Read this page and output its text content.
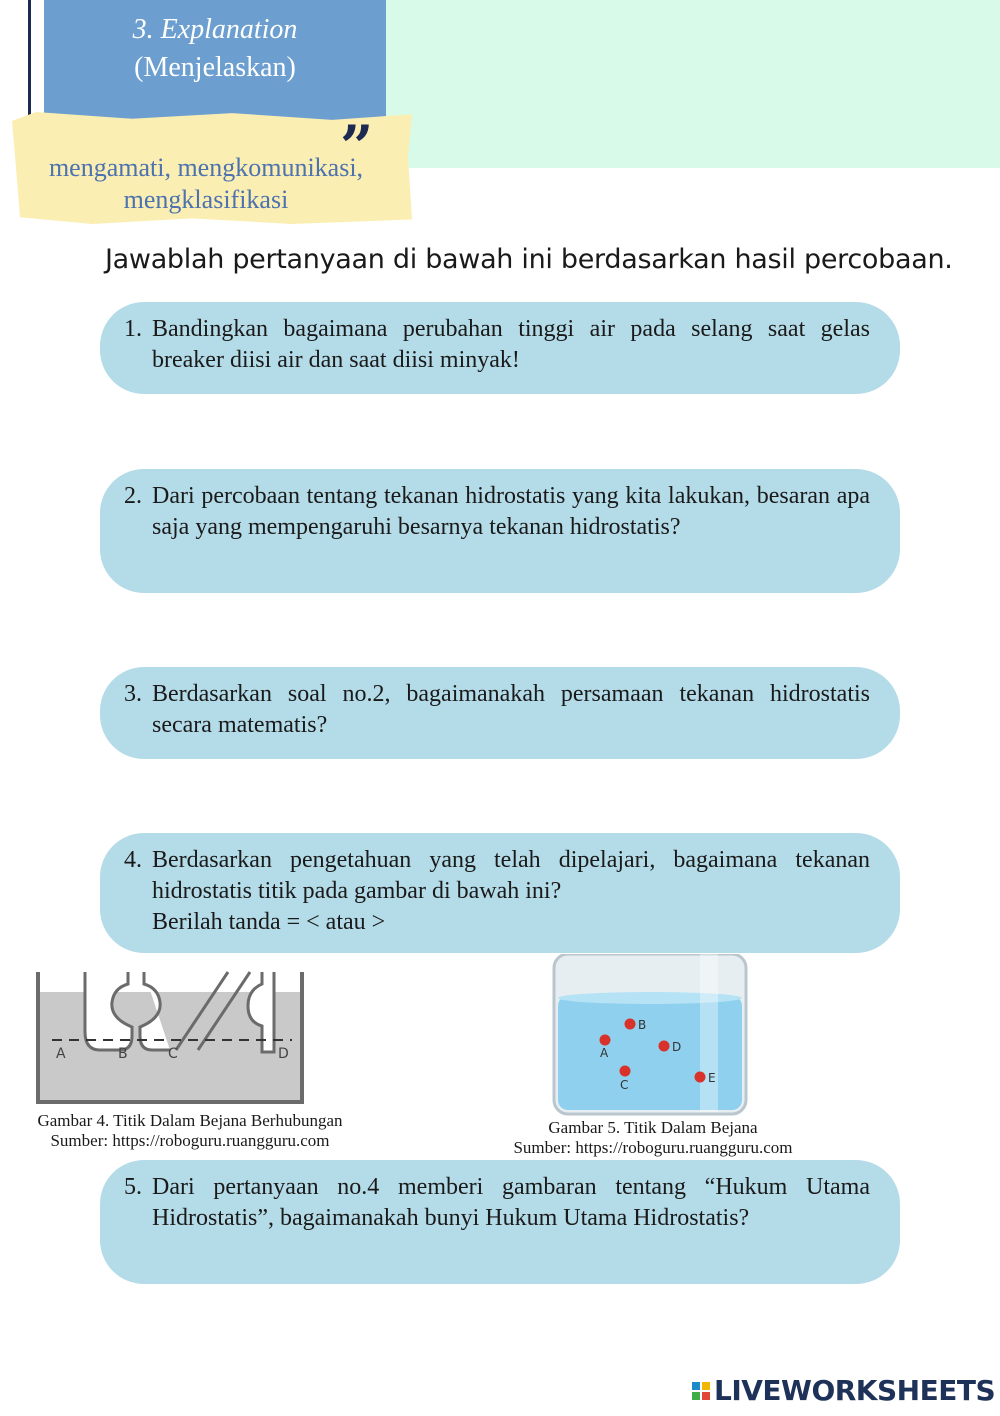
3. Explanation
(Menjelaskan)
mengamati, mengkomunikasi,
mengklasifikasi
”
Jawablah pertanyaan di bawah ini berdasarkan hasil percobaan.
1. Bandingkan bagaimana perubahan tinggi air pada selang saat gelas breaker diisi air dan saat diisi minyak!
2. Dari percobaan tentang tekanan hidrostatis yang kita lakukan, besaran apa saja yang mempengaruhi besarnya tekanan hidrostatis?
3. Berdasarkan soal no.2, bagaimanakah persamaan tekanan hidrostatis secara matematis?
4. Berdasarkan pengetahuan yang telah dipelajari, bagaimana tekanan hidrostatis titik pada gambar di bawah ini?
Berilah tanda = < atau >
A	B	C	D
Gambar 4. Titik Dalam Bejana Berhubungan
Sumber: https://roboguru.ruangguru.com
B
A	D
C	E
Gambar 5. Titik Dalam Bejana
Sumber: https://roboguru.ruangguru.com
5. Dari pertanyaan no.4 memberi gambaran tentang “Hukum Utama Hidrostatis”, bagaimanakah bunyi Hukum Utama Hidrostatis?
LIVEWORKSHEETS
